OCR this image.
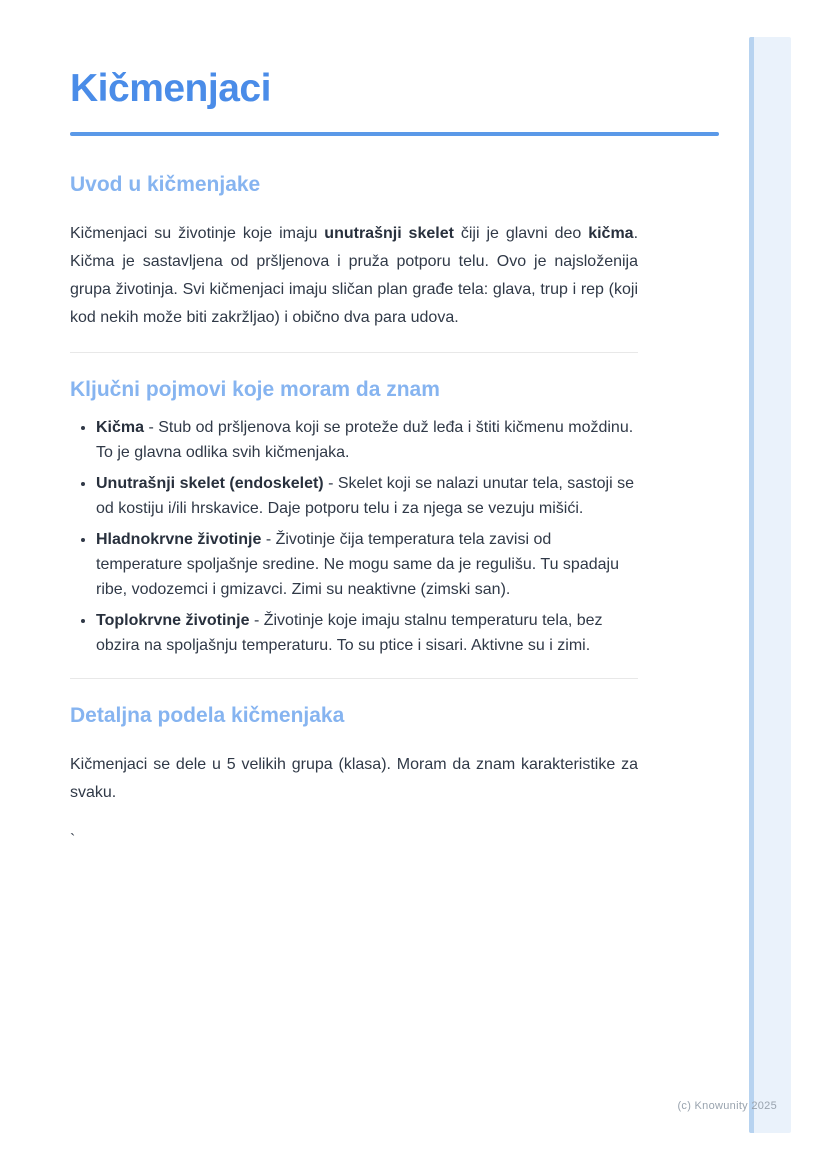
Kičmenjaci
Uvod u kičmenjake

Kičmenjaci su životinje koje imaju unutrašnji skelet čiji je glavni deo kičma. Kičma je sastavljena od pršljenova i pruža potporu telu. Ovo je najsloženija grupa životinja. Svi kičmenjaci imaju sličan plan građe tela: glava, trup i rep (koji kod nekih može biti zakržljao) i obično dva para udova.

Ključni pojmovi koje moram da znam
• Kičma - Stub od pršljenova koji se proteže duž leđa i štiti kičmenu moždinu. To je glavna odlika svih kičmenjaka.
• Unutrašnji skelet (endoskelet) - Skelet koji se nalazi unutar tela, sastoji se od kostiju i/ili hrskavice. Daje potporu telu i za njega se vezuju mišići.
• Hladnokrvne životinje - Životinje čija temperatura tela zavisi od temperature spoljašnje sredine. Ne mogu same da je regulišu. Tu spadaju ribe, vodozemci i gmizavci. Zimi su neaktivne (zimski san).
• Toplokrvne životinje - Životinje koje imaju stalnu temperaturu tela, bez obzira na spoljašnju temperaturu. To su ptice i sisari. Aktivne su i zimi.
Detaljna podela kičmenjaka

Kičmenjaci se dele u 5 velikih grupa (klasa). Moram da znam karakteristike za svaku.

`

(c) Knowunity 2025
